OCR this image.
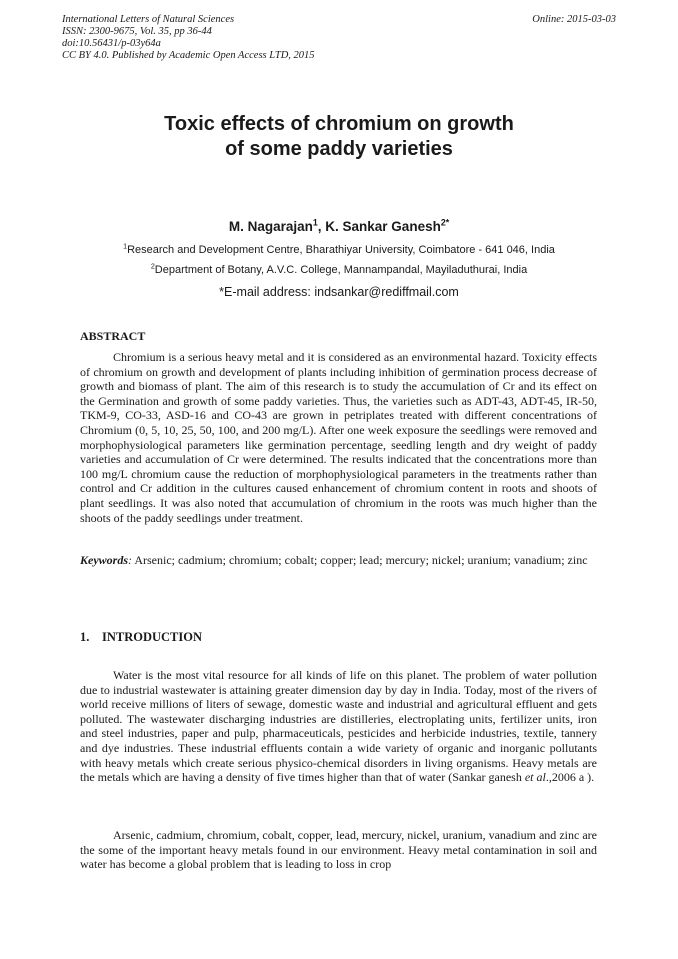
International Letters of Natural Sciences
ISSN: 2300-9675, Vol. 35, pp 36-44
doi:10.56431/p-03y64a
CC BY 4.0. Published by Academic Open Access LTD, 2015
Online: 2015-03-03
Toxic effects of chromium on growth
of some paddy varieties
M. Nagarajan$^1$, K. Sankar Ganesh$^{2*}$
$^1$Research and Development Centre, Bharathiyar University, Coimbatore - 641 046, India
$^2$Department of Botany, A.V.C. College, Mannampandal, Mayiladuthurai, India
*E-mail address: indsankar@rediffmail.com
ABSTRACT
Chromium is a serious heavy metal and it is considered as an environmental hazard. Toxicity effects of chromium on growth and development of plants including inhibition of germination process decrease of growth and biomass of plant. The aim of this research is to study the accumulation of Cr and its effect on the Germination and growth of some paddy varieties. Thus, the varieties such as ADT-43, ADT-45, IR-50, TKM-9, CO-33, ASD-16 and CO-43 are grown in petriplates treated with different concentrations of Chromium (0, 5, 10, 25, 50, 100, and 200 mg/L). After one week exposure the seedlings were removed and morphophysiological parameters like germination percentage, seedling length and dry weight of paddy varieties and accumulation of Cr were determined. The results indicated that the concentrations more than 100 mg/L chromium cause the reduction of morphophysiological parameters in the treatments rather than control and Cr addition in the cultures caused enhancement of chromium content in roots and shoots of plant seedlings. It was also noted that accumulation of chromium in the roots was much higher than the shoots of the paddy seedlings under treatment.
Keywords: Arsenic; cadmium; chromium; cobalt; copper; lead; mercury; nickel; uranium; vanadium; zinc
1. INTRODUCTION
Water is the most vital resource for all kinds of life on this planet. The problem of water pollution due to industrial wastewater is attaining greater dimension day by day in India. Today, most of the rivers of world receive millions of liters of sewage, domestic waste and industrial and agricultural effluent and gets polluted. The wastewater discharging industries are distilleries, electroplating units, fertilizer units, iron and steel industries, paper and pulp, pharmaceuticals, pesticides and herbicide industries, textile, tannery and dye industries. These industrial effluents contain a wide variety of organic and inorganic pollutants with heavy metals which create serious physico-chemical disorders in living organisms. Heavy metals are the metals which are having a density of five times higher than that of water (Sankar ganesh et al.,2006 a ).
Arsenic, cadmium, chromium, cobalt, copper, lead, mercury, nickel, uranium, vanadium and zinc are the some of the important heavy metals found in our environment. Heavy metal contamination in soil and water has become a global problem that is leading to loss in crop
